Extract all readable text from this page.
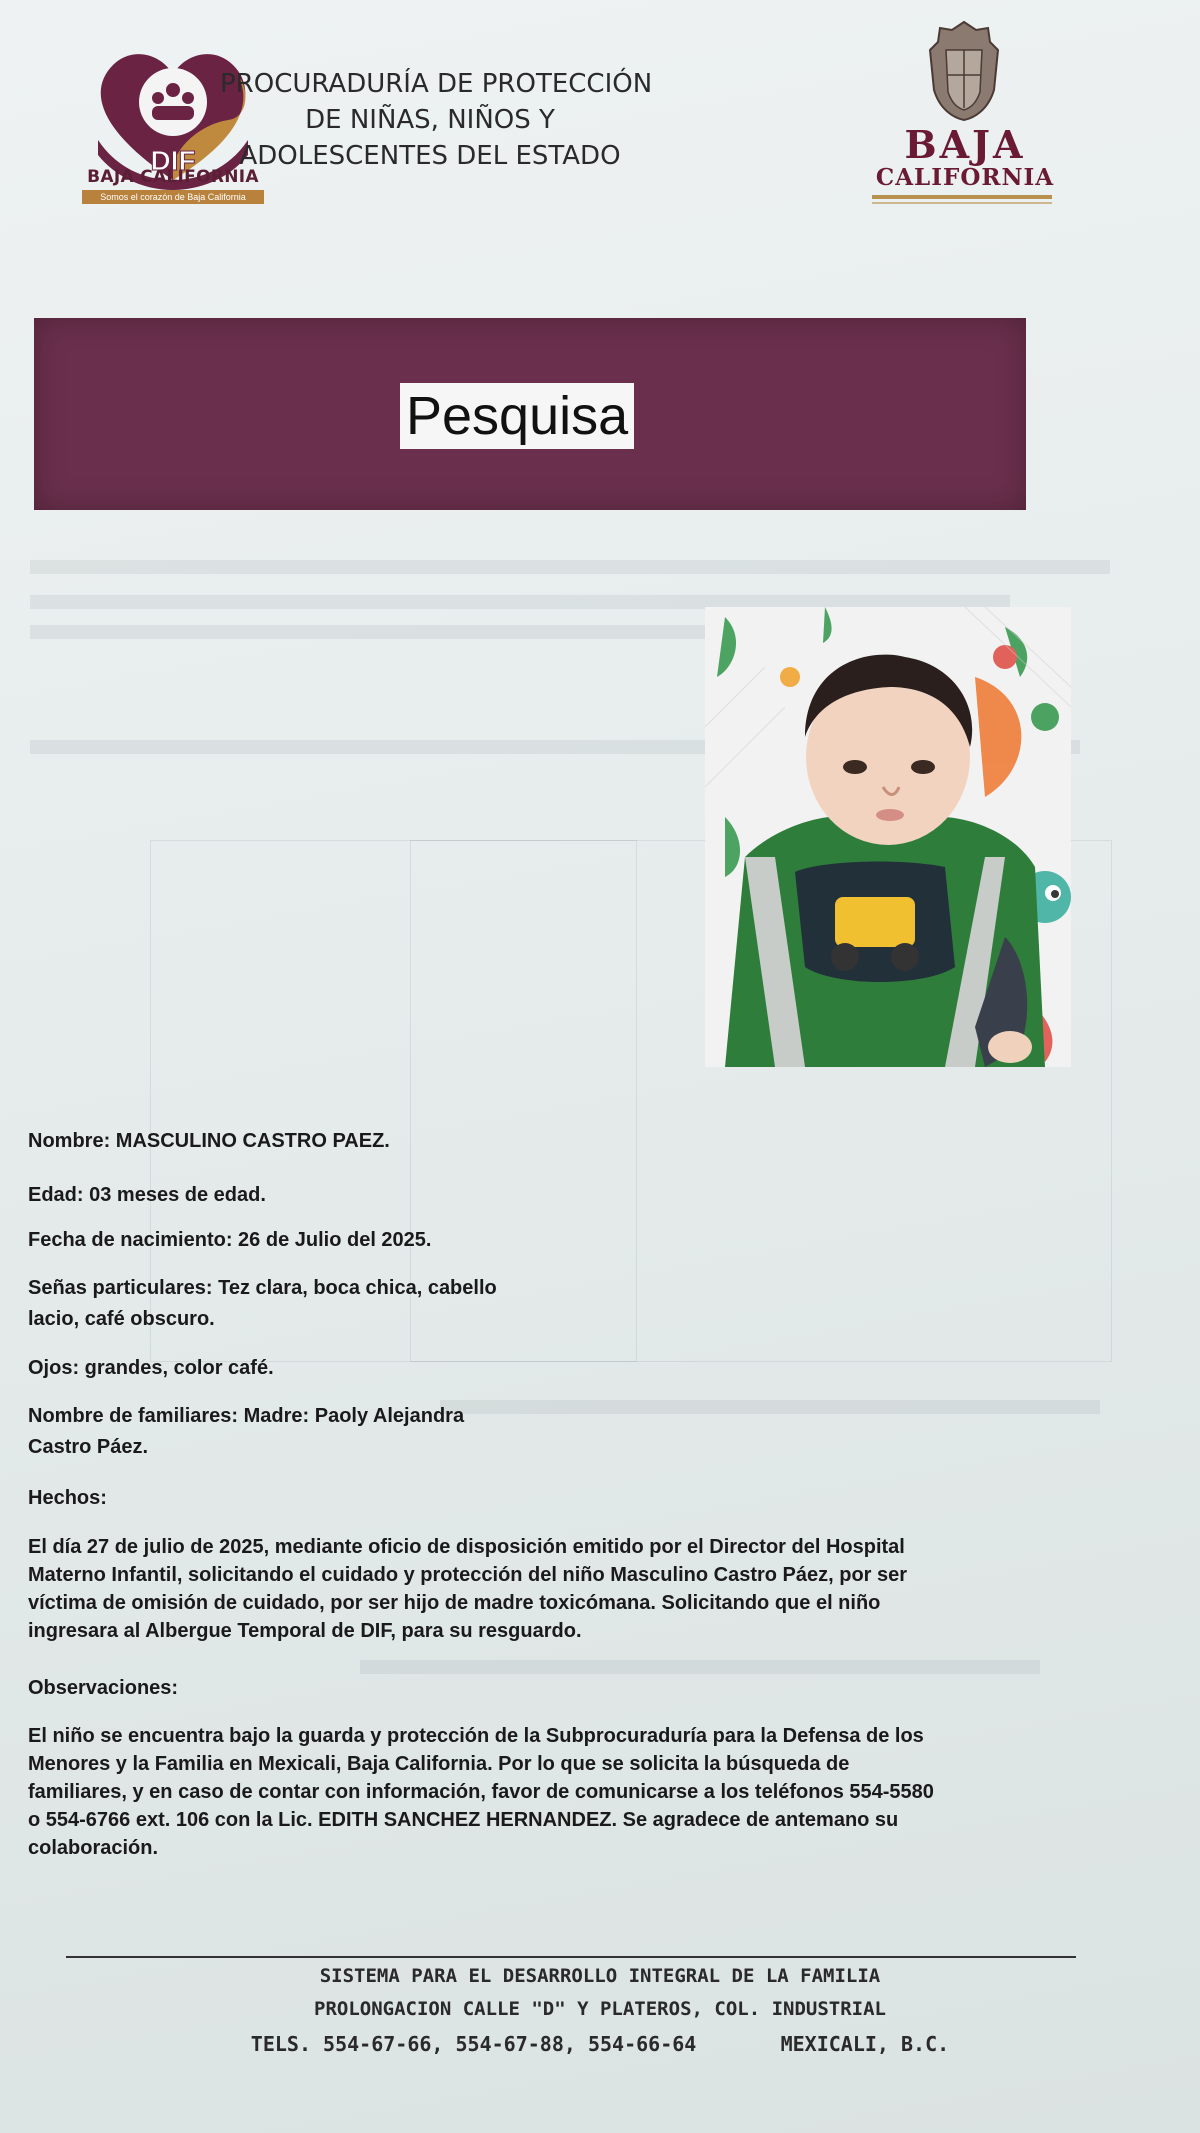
DIF
BAJA CALIFORNIA
Somos el corazón de Baja California
PROCURADURÍA DE PROTECCIÓN
DE NIÑAS, NIÑOS Y
ADOLESCENTES DEL ESTADO	BAJA
CALIFORNIA
Pesquisa
Nombre: MASCULINO CASTRO PAEZ.
Edad: 03 meses de edad.
Fecha de nacimiento: 26 de Julio del 2025.
Señas particulares: Tez clara, boca chica, cabello
lacio, café obscuro.
Ojos: grandes, color café.
Nombre de familiares: Madre: Paoly Alejandra
Castro Páez.
Hechos:
El día 27 de julio de 2025, mediante oficio de disposición emitido por el Director del Hospital
Materno Infantil, solicitando el cuidado y protección del niño Masculino Castro Páez, por ser
víctima de omisión de cuidado, por ser hijo de madre toxicómana. Solicitando que el niño
ingresara al Albergue Temporal de DIF, para su resguardo.
Observaciones:
El niño se encuentra bajo la guarda y protección de la Subprocuraduría para la Defensa de los
Menores y la Familia en Mexicali, Baja California. Por lo que se solicita la búsqueda de
familiares, y en caso de contar con información, favor de comunicarse a los teléfonos 554-5580
o 554-6766 ext. 106 con la Lic. EDITH SANCHEZ HERNANDEZ. Se agradece de antemano su
colaboración.
SISTEMA PARA EL DESARROLLO INTEGRAL DE LA FAMILIA
PROLONGACION CALLE "D" Y PLATEROS, COL. INDUSTRIAL
TELS. 554-67-66, 554-67-88, 554-66-64       MEXICALI, B.C.
